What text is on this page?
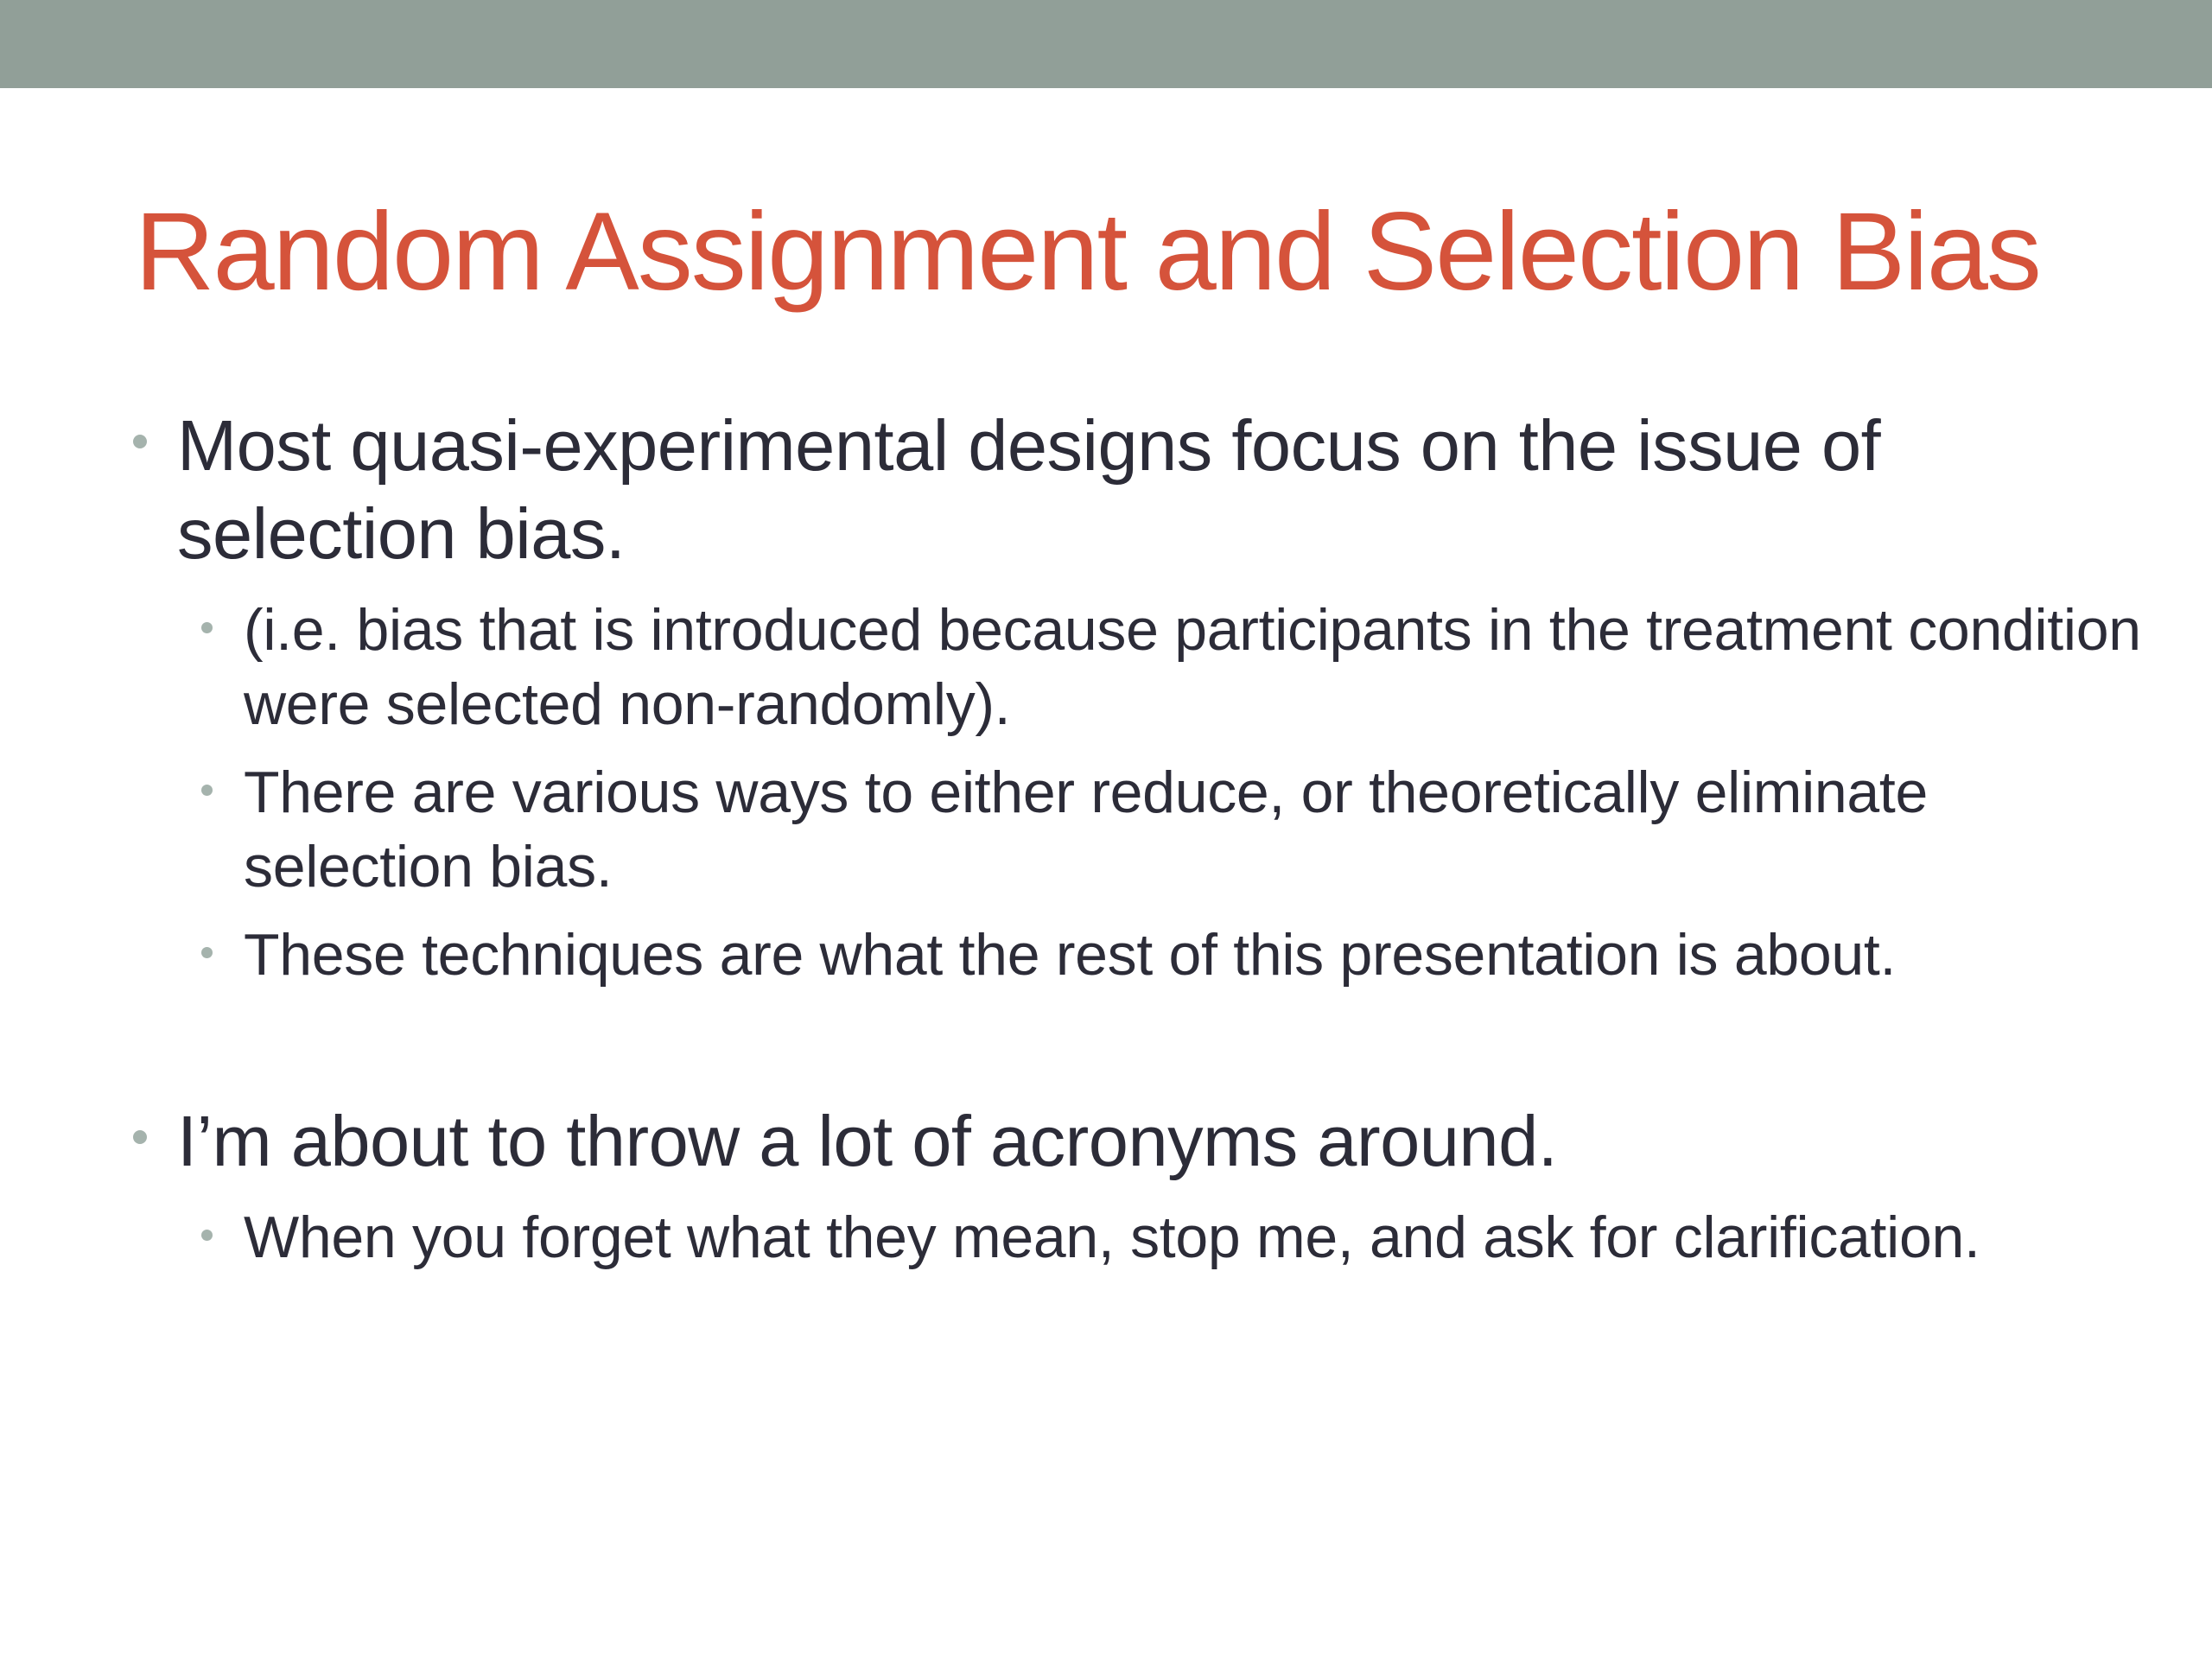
Random Assignment and Selection Bias
Most quasi-experimental designs focus on the issue of selection bias.
(i.e. bias that is introduced because participants in the treatment condition were selected non-randomly).
There are various ways to either reduce, or theoretically eliminate selection bias.
These techniques are what the rest of this presentation is about.
I’m about to throw a lot of acronyms around.
When you forget what they mean, stop me, and ask for clarification.
